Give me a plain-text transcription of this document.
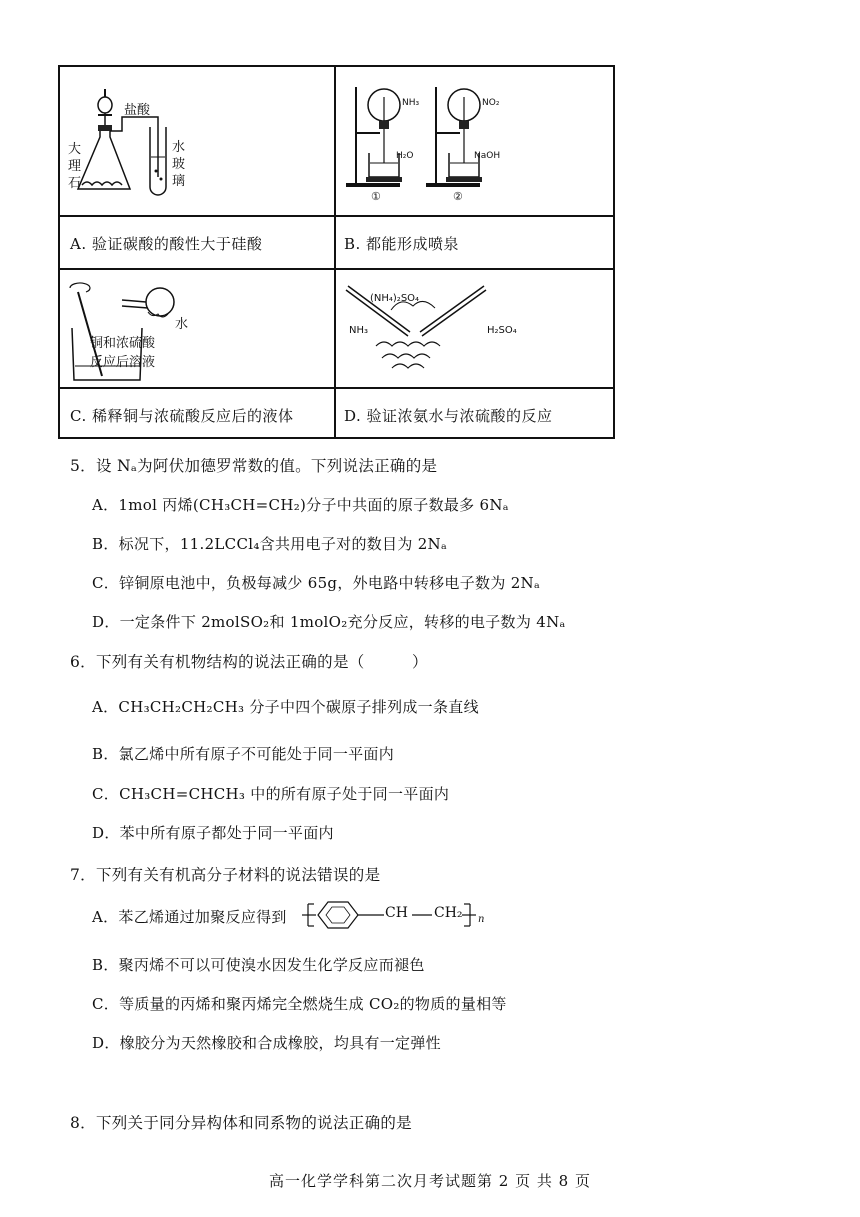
盐酸
大理石
水玻璃
NH₃	NO₂
H₂O	NaOH
①	②
A. 验证碳酸的酸性大于硅酸	B. 都能形成喷泉
水
铜和浓硫酸
反应后溶液
(NH₄)₂SO₄
NH₃	H₂SO₄
C. 稀释铜与浓硫酸反应后的液体	D. 验证浓氨水与浓硫酸的反应
5．设 Nₐ为阿伏加德罗常数的值。下列说法正确的是
A．1mol 丙烯(CH₃CH=CH₂)分子中共面的原子数最多 6Nₐ
B．标况下，11.2LCCl₄含共用电子对的数目为 2Nₐ
C．锌铜原电池中，负极每减少 65g，外电路中转移电子数为 2Nₐ
D．一定条件下 2molSO₂和 1molO₂充分反应，转移的电子数为 4Nₐ
6．下列有关有机物结构的说法正确的是（　　　）
A．CH₃CH₂CH₂CH₃ 分子中四个碳原子排列成一条直线
B．氯乙烯中所有原子不可能处于同一平面内
C．CH₃CH=CHCH₃ 中的所有原子处于同一平面内
D．苯中所有原子都处于同一平面内
7．下列有关有机高分子材料的说法错误的是
A．苯乙烯通过加聚反应得到	CH CH₂ n
B．聚丙烯不可以可使溴水因发生化学反应而褪色
C．等质量的丙烯和聚丙烯完全燃烧生成 CO₂的物质的量相等
D．橡胶分为天然橡胶和合成橡胶，均具有一定弹性
8．下列关于同分异构体和同系物的说法正确的是
高一化学学科第二次月考试题第 2 页 共 8 页
